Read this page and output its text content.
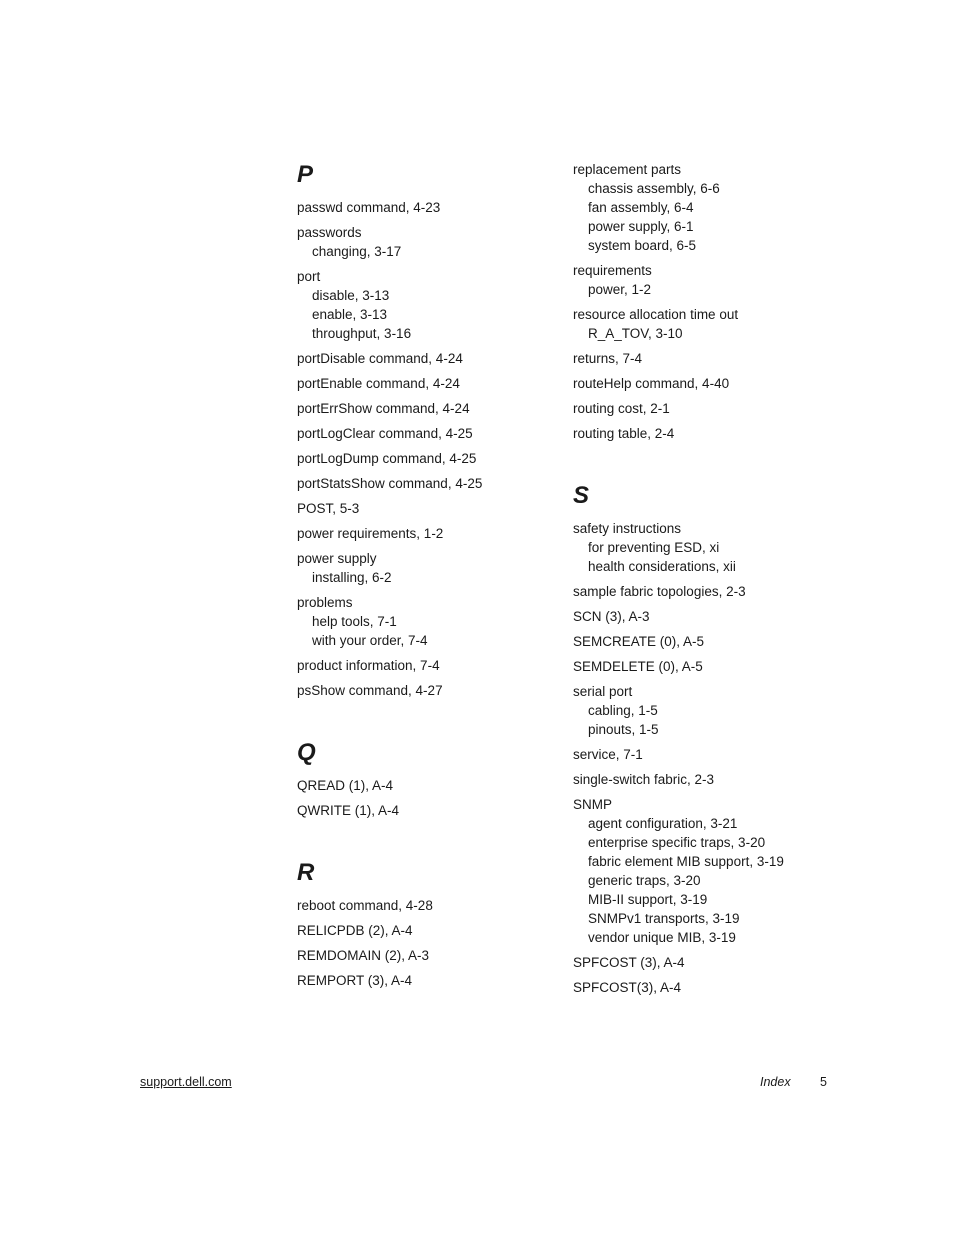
P
passwd command, 4-23
passwords
changing, 3-17
port
disable, 3-13
enable, 3-13
throughput, 3-16
portDisable command, 4-24
portEnable command, 4-24
portErrShow command, 4-24
portLogClear command, 4-25
portLogDump command, 4-25
portStatsShow command, 4-25
POST, 5-3
power requirements, 1-2
power supply
installing, 6-2
problems
help tools, 7-1
with your order, 7-4
product information, 7-4
psShow command, 4-27
Q
QREAD (1), A-4
QWRITE (1), A-4
R
reboot command, 4-28
RELICPDB (2), A-4
REMDOMAIN (2), A-3
REMPORT (3), A-4
replacement parts
chassis assembly, 6-6
fan assembly, 6-4
power supply, 6-1
system board, 6-5
requirements
power, 1-2
resource allocation time out
R_A_TOV, 3-10
returns, 7-4
routeHelp command, 4-40
routing cost, 2-1
routing table, 2-4
S
safety instructions
for preventing ESD, xi
health considerations, xii
sample fabric topologies, 2-3
SCN (3), A-3
SEMCREATE (0), A-5
SEMDELETE (0), A-5
serial port
cabling, 1-5
pinouts, 1-5
service, 7-1
single-switch fabric, 2-3
SNMP
agent configuration, 3-21
enterprise specific traps, 3-20
fabric element MIB support, 3-19
generic traps, 3-20
MIB-II support, 3-19
SNMPv1 transports, 3-19
vendor unique MIB, 3-19
SPFCOST (3), A-4
SPFCOST(3), A-4
support.dell.com	Index 5
